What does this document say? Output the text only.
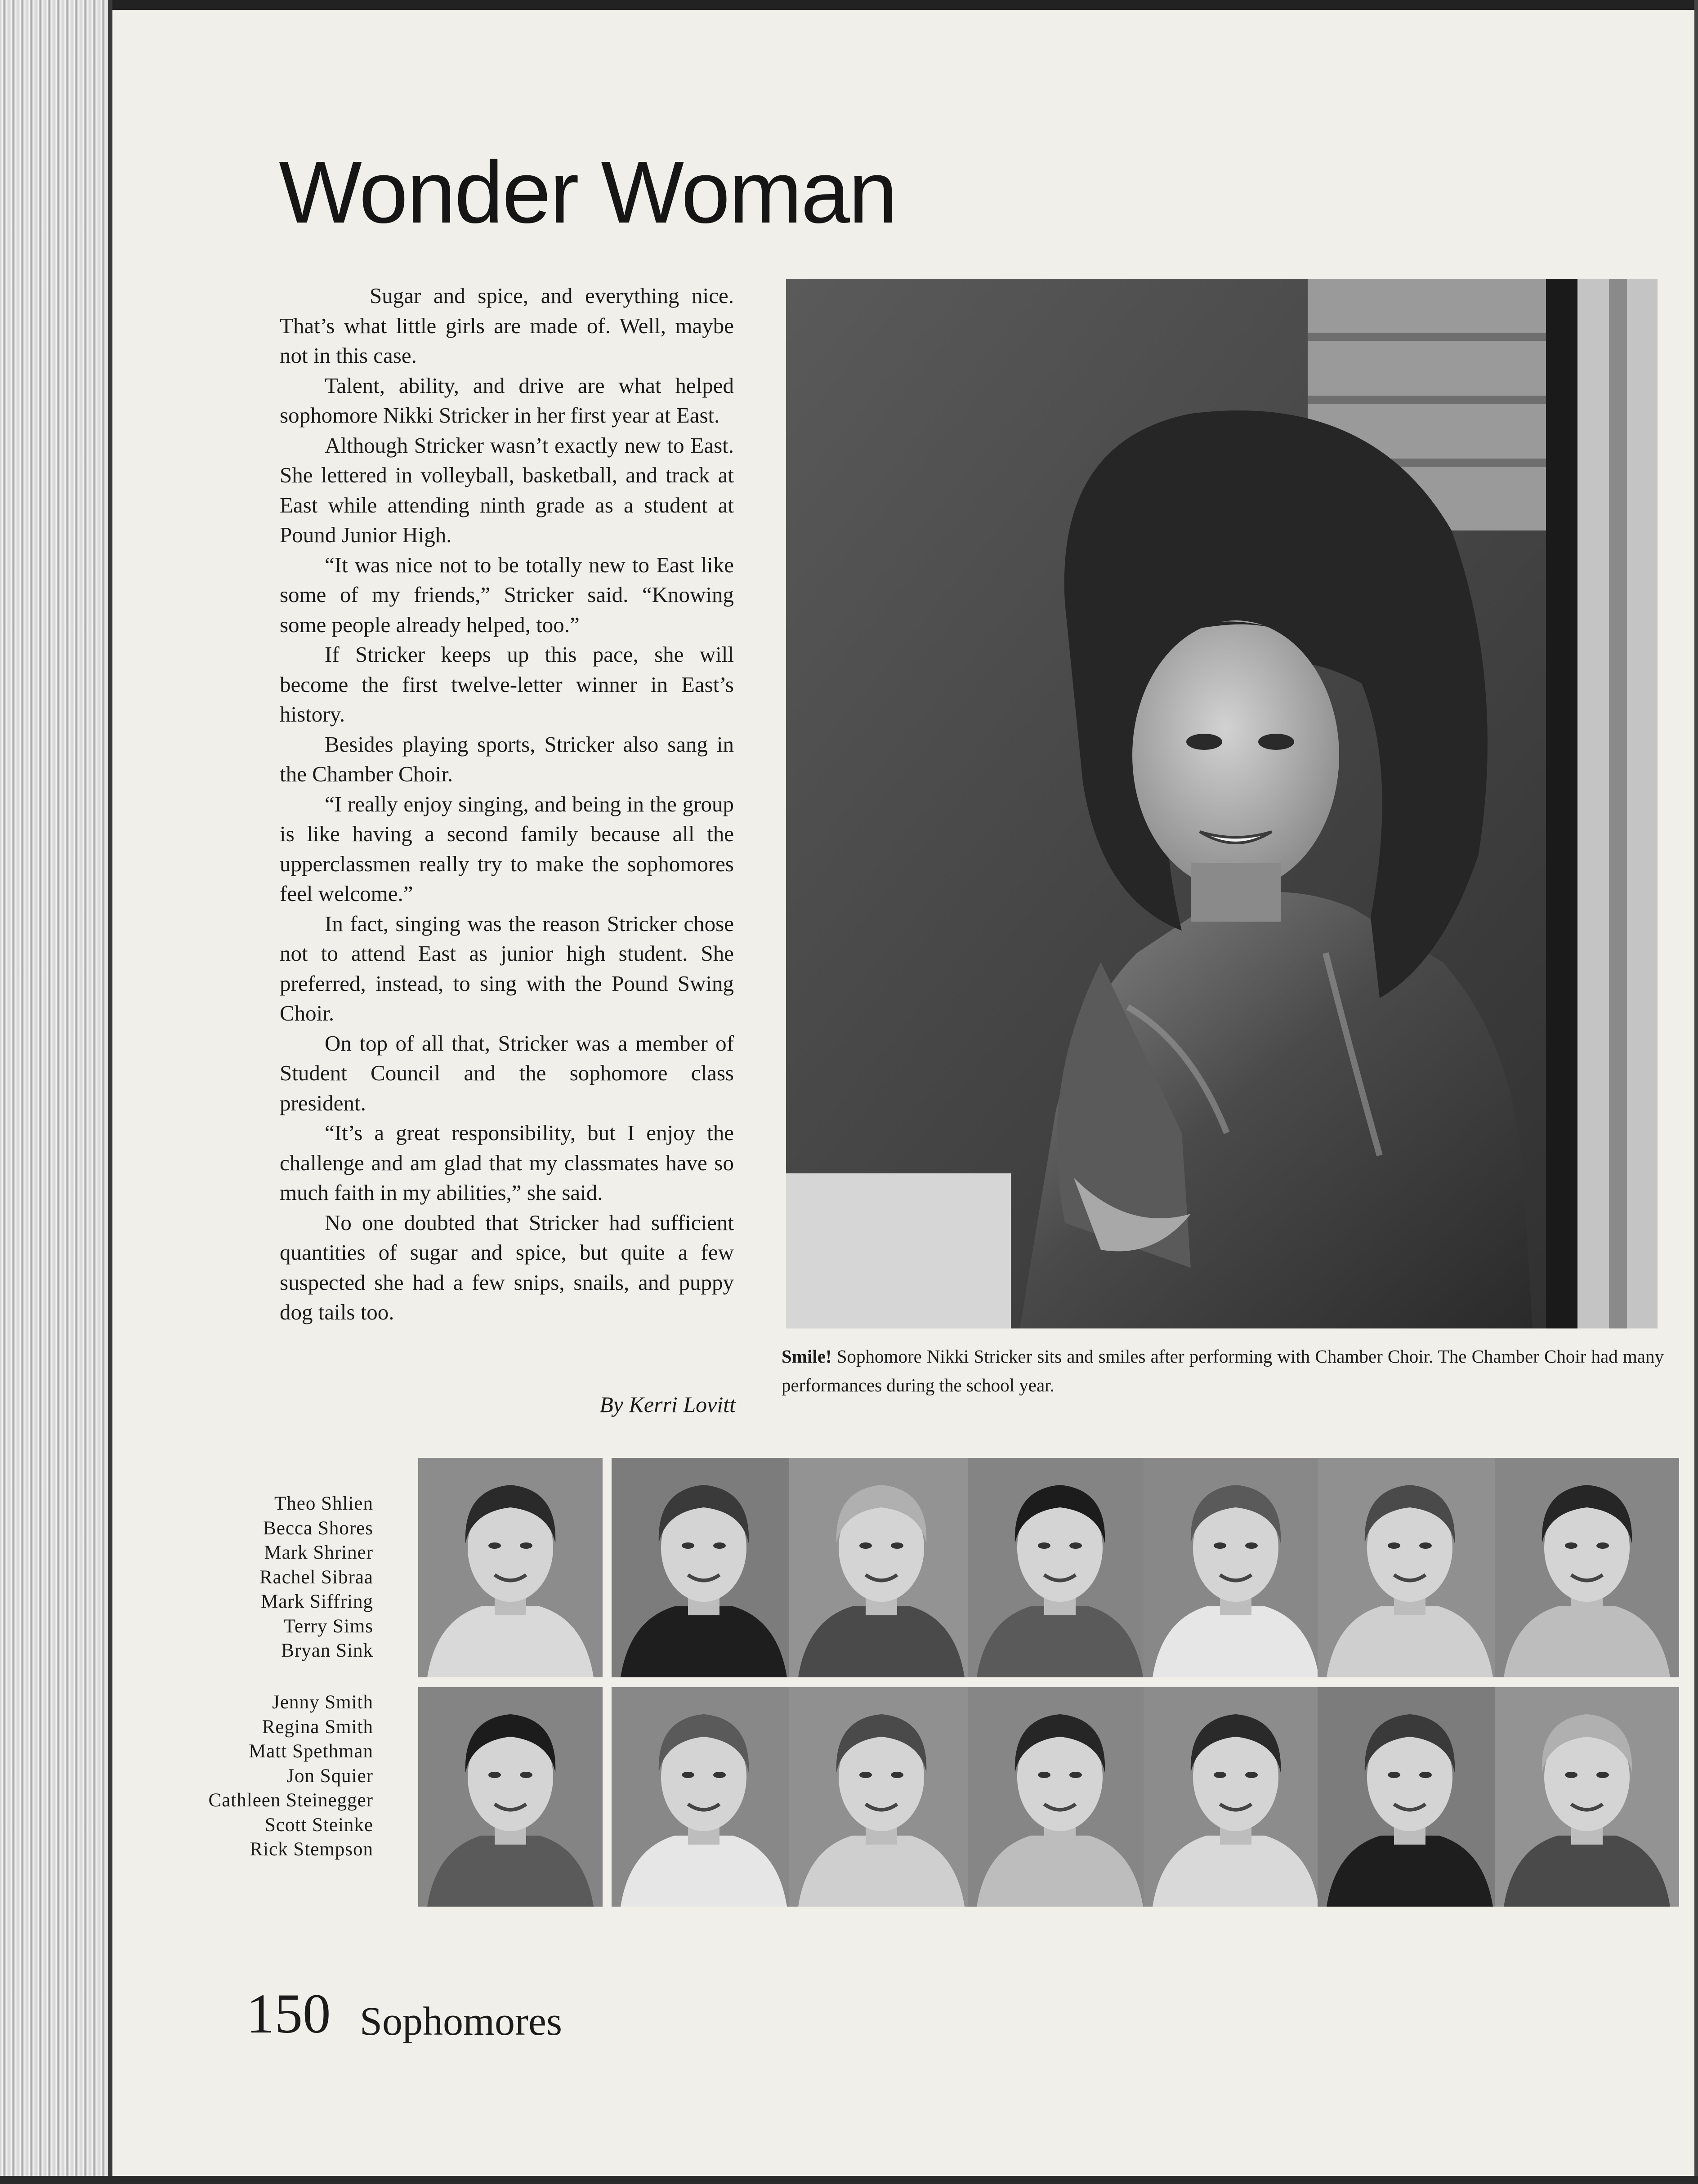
Wonder Woman

Sugar and spice, and everything nice. That’s what little girls are made of. Well, maybe not in this case.

Talent, ability, and drive are what helped sophomore Nikki Stricker in her first year at East.

Although Stricker wasn’t exactly new to East. She lettered in volleyball, basketball, and track at East while attending ninth grade as a student at Pound Junior High.

“It was nice not to be totally new to East like some of my friends,” Stricker said. “Knowing some people already helped, too.”

If Stricker keeps up this pace, she will become the first twelve-letter winner in East’s history.

Besides playing sports, Stricker also sang in the Chamber Choir.

“I really enjoy singing, and being in the group is like having a second family because all the upperclassmen really try to make the sophomores feel welcome.”

In fact, singing was the reason Stricker chose not to attend East as junior high student. She preferred, instead, to sing with the Pound Swing Choir.

On top of all that, Stricker was a member of Student Council and the sophomore class president.

“It’s a great responsibility, but I enjoy the challenge and am glad that my classmates have so much faith in my abilities,” she said.

No one doubted that Stricker had sufficient quantities of sugar and spice, but quite a few suspected she had a few snips, snails, and puppy dog tails too.

By Kerri Lovitt
Smile! Sophomore Nikki Stricker sits and smiles after performing with Chamber Choir. The Chamber Choir had many performances during the school year.
Theo Shlien
Becca Shores
Mark Shriner
Rachel Sibraa
Mark Siffring
Terry Sims
Bryan Sink
Jenny Smith
Regina Smith
Matt Spethman
Jon Squier
Cathleen Steinegger
Scott Steinke
Rick Stempson
150 Sophomores
